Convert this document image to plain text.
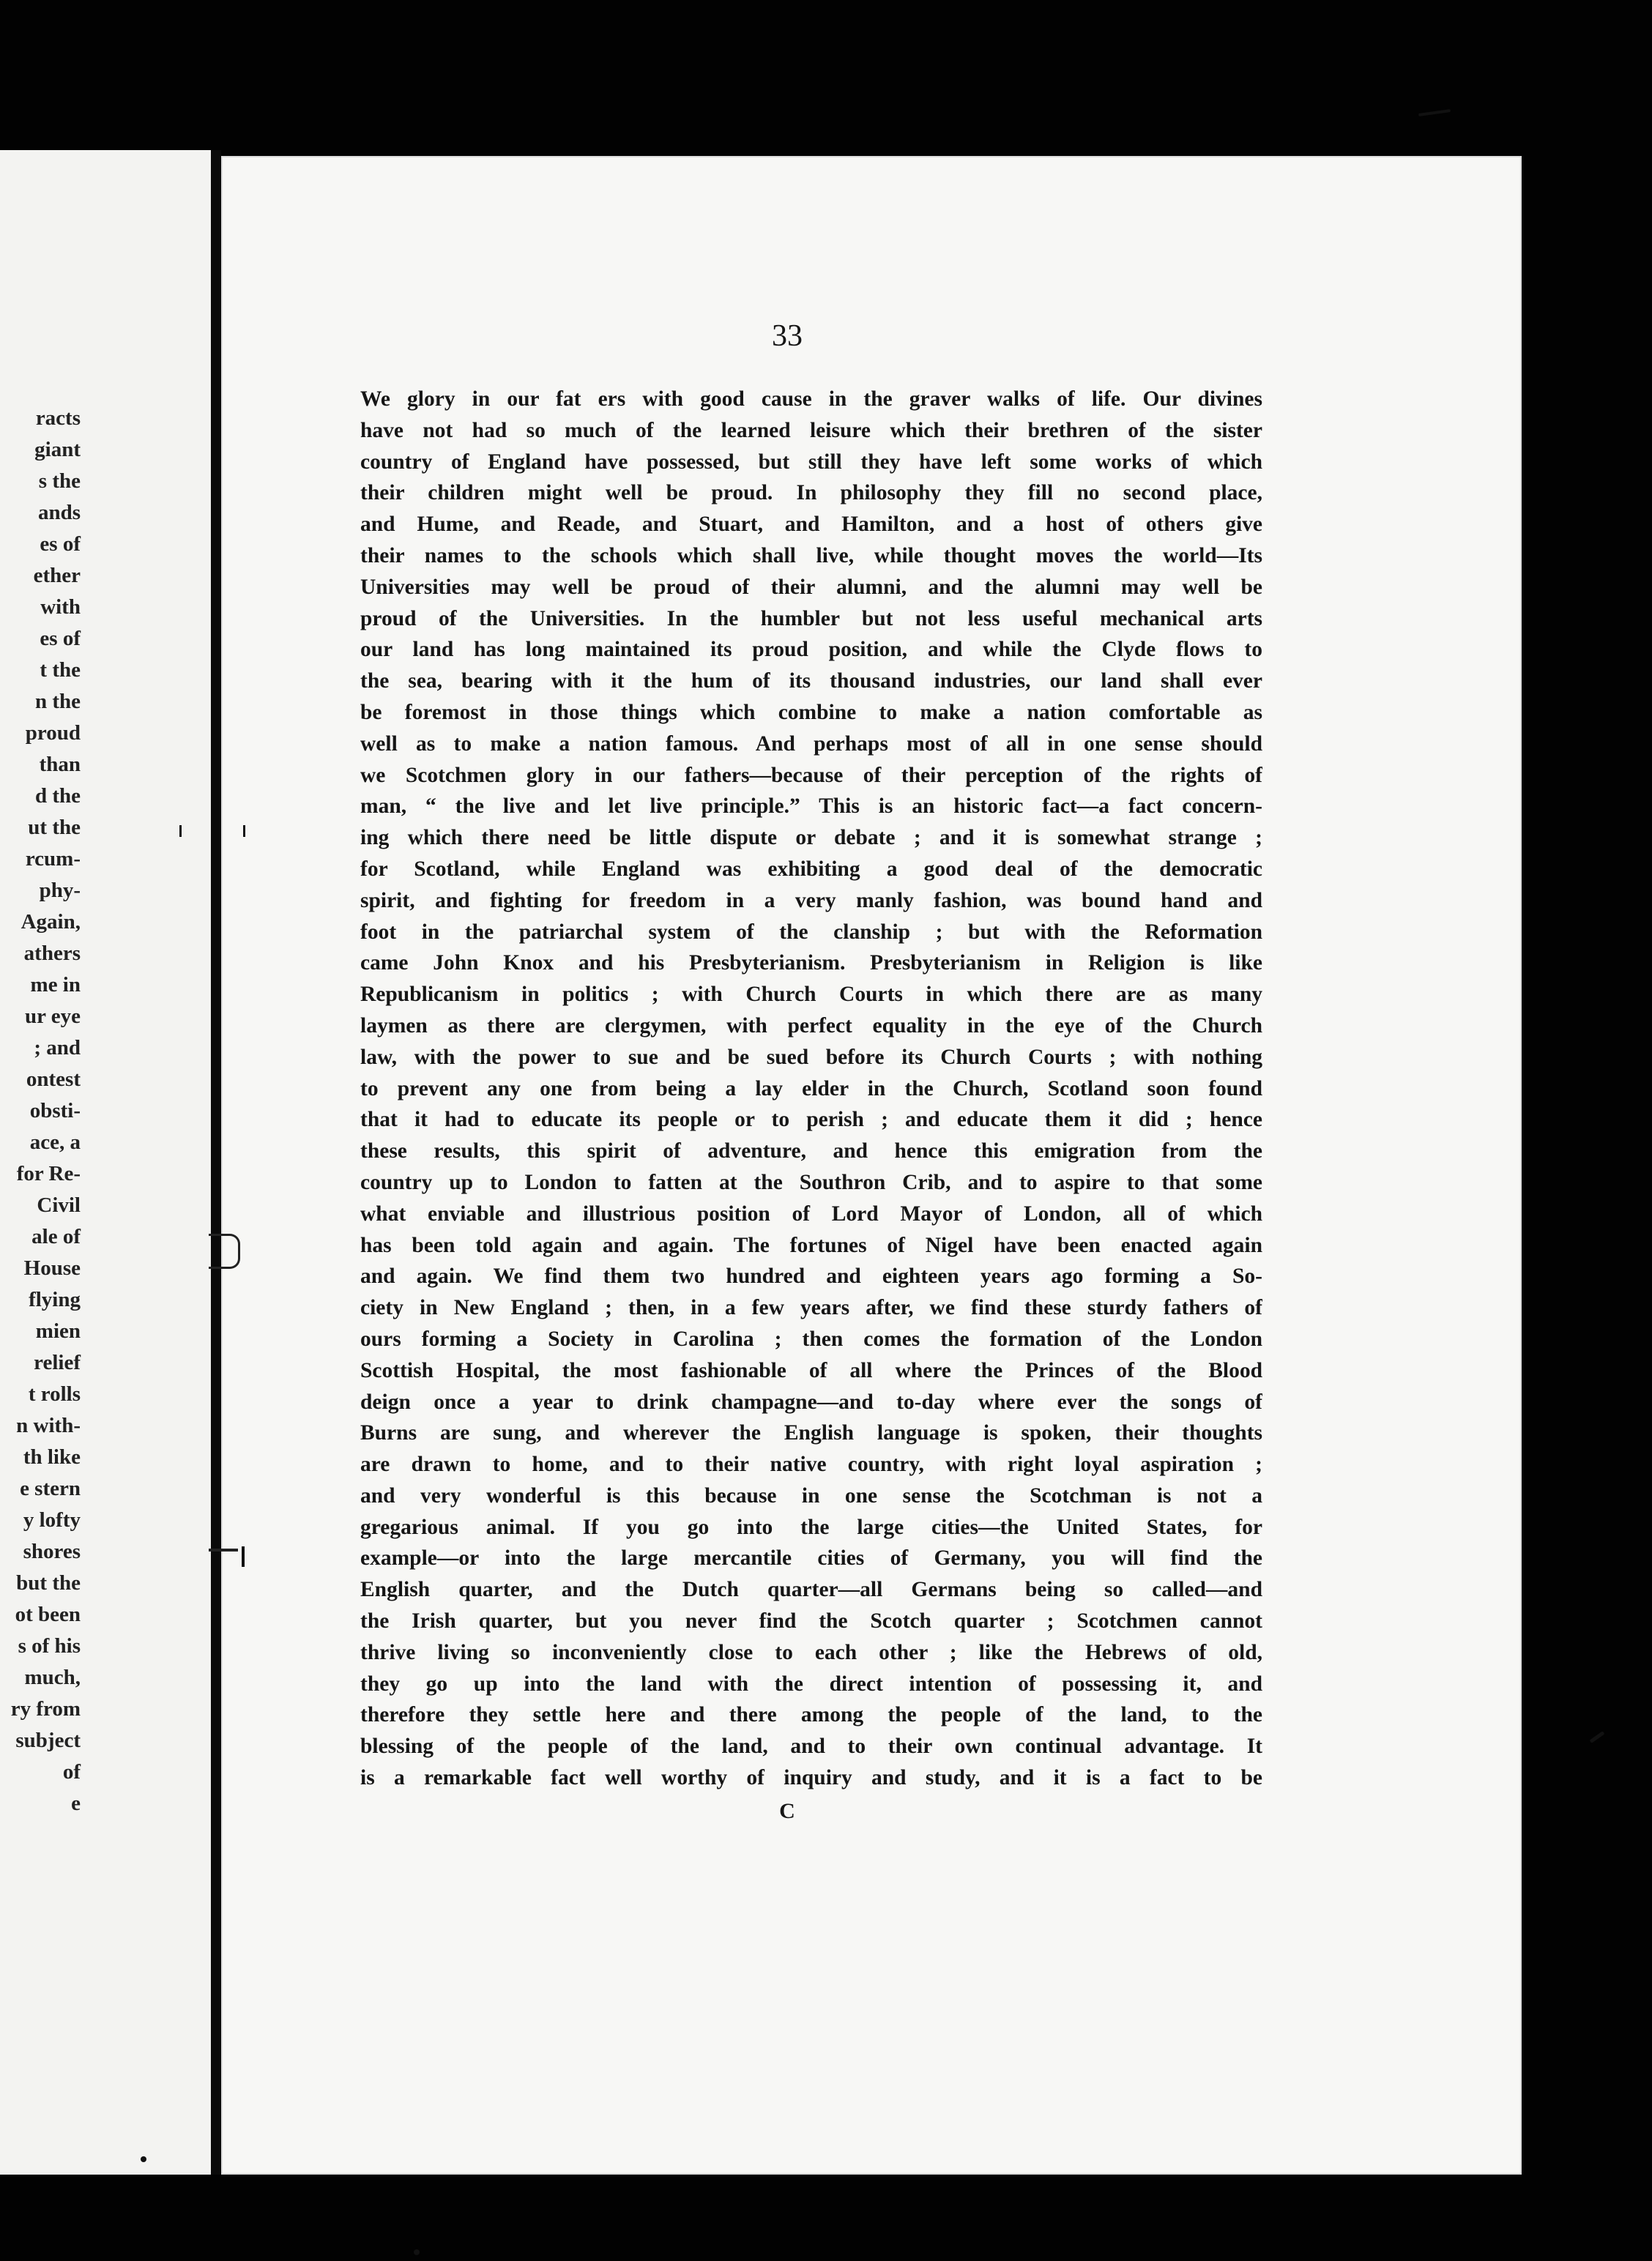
racts
giant
s the
ands
es of
ether
with
es of
t the
n the
proud
than
d the
ut the
rcum-
phy-
Again,
athers
me in
ur eye
; and
ontest
obsti-
ace, a
for Re-
Civil
ale of
House
flying
mien
relief
t rolls
n with-
th like
e stern
y lofty
shores
but the
ot been
s of his
much,
ry from
subject
of
e
33
We glory in our fat ers with good cause in the graver walks of life. Our divines
have not had so much of the learned leisure which their brethren of the sister
country of England have possessed, but still they have left some works of which
their children might well be proud. In philosophy they fill no second place,
and Hume, and Reade, and Stuart, and Hamilton, and a host of others give
their names to the schools which shall live, while thought moves the world—Its
Universities may well be proud of their alumni, and the alumni may well be
proud of the Universities. In the humbler but not less useful mechanical arts
our land has long maintained its proud position, and while the Clyde flows to
the sea, bearing with it the hum of its thousand industries, our land shall ever
be foremost in those things which combine to make a nation comfortable as
well as to make a nation famous. And perhaps most of all in one sense should
we Scotchmen glory in our fathers—because of their perception of the rights of
man, “ the live and let live principle.” This is an historic fact—a fact concern-
ing which there need be little dispute or debate ; and it is somewhat strange ;
for Scotland, while England was exhibiting a good deal of the democratic
spirit, and fighting for freedom in a very manly fashion, was bound hand and
foot in the patriarchal system of the clanship ; but with the Reformation
came John Knox and his Presbyterianism. Presbyterianism in Religion is like
Republicanism in politics ; with Church Courts in which there are as many
laymen as there are clergymen, with perfect equality in the eye of the Church
law, with the power to sue and be sued before its Church Courts ; with nothing
to prevent any one from being a lay elder in the Church, Scotland soon found
that it had to educate its people or to perish ; and educate them it did ; hence
these results, this spirit of adventure, and hence this emigration from the
country up to London to fatten at the Southron Crib, and to aspire to that some
what enviable and illustrious position of Lord Mayor of London, all of which
has been told again and again. The fortunes of Nigel have been enacted again
and again. We find them two hundred and eighteen years ago forming a So-
ciety in New England ; then, in a few years after, we find these sturdy fathers of
ours forming a Society in Carolina ; then comes the formation of the London
Scottish Hospital, the most fashionable of all where the Princes of the Blood
deign once a year to drink champagne—and to-day where ever the songs of
Burns are sung, and wherever the English language is spoken, their thoughts
are drawn to home, and to their native country, with right loyal aspiration ;
and very wonderful is this because in one sense the Scotchman is not a
gregarious animal. If you go into the large cities—the United States, for
example—or into the large mercantile cities of Germany, you will find the
English quarter, and the Dutch quarter—all Germans being so called—and
the Irish quarter, but you never find the Scotch quarter ; Scotchmen cannot
thrive living so inconveniently close to each other ; like the Hebrews of old,
they go up into the land with the direct intention of possessing it, and
therefore they settle here and there among the people of the land, to the
blessing of the people of the land, and to their own continual advantage. It
is a remarkable fact well worthy of inquiry and study, and it is a fact to be
C
